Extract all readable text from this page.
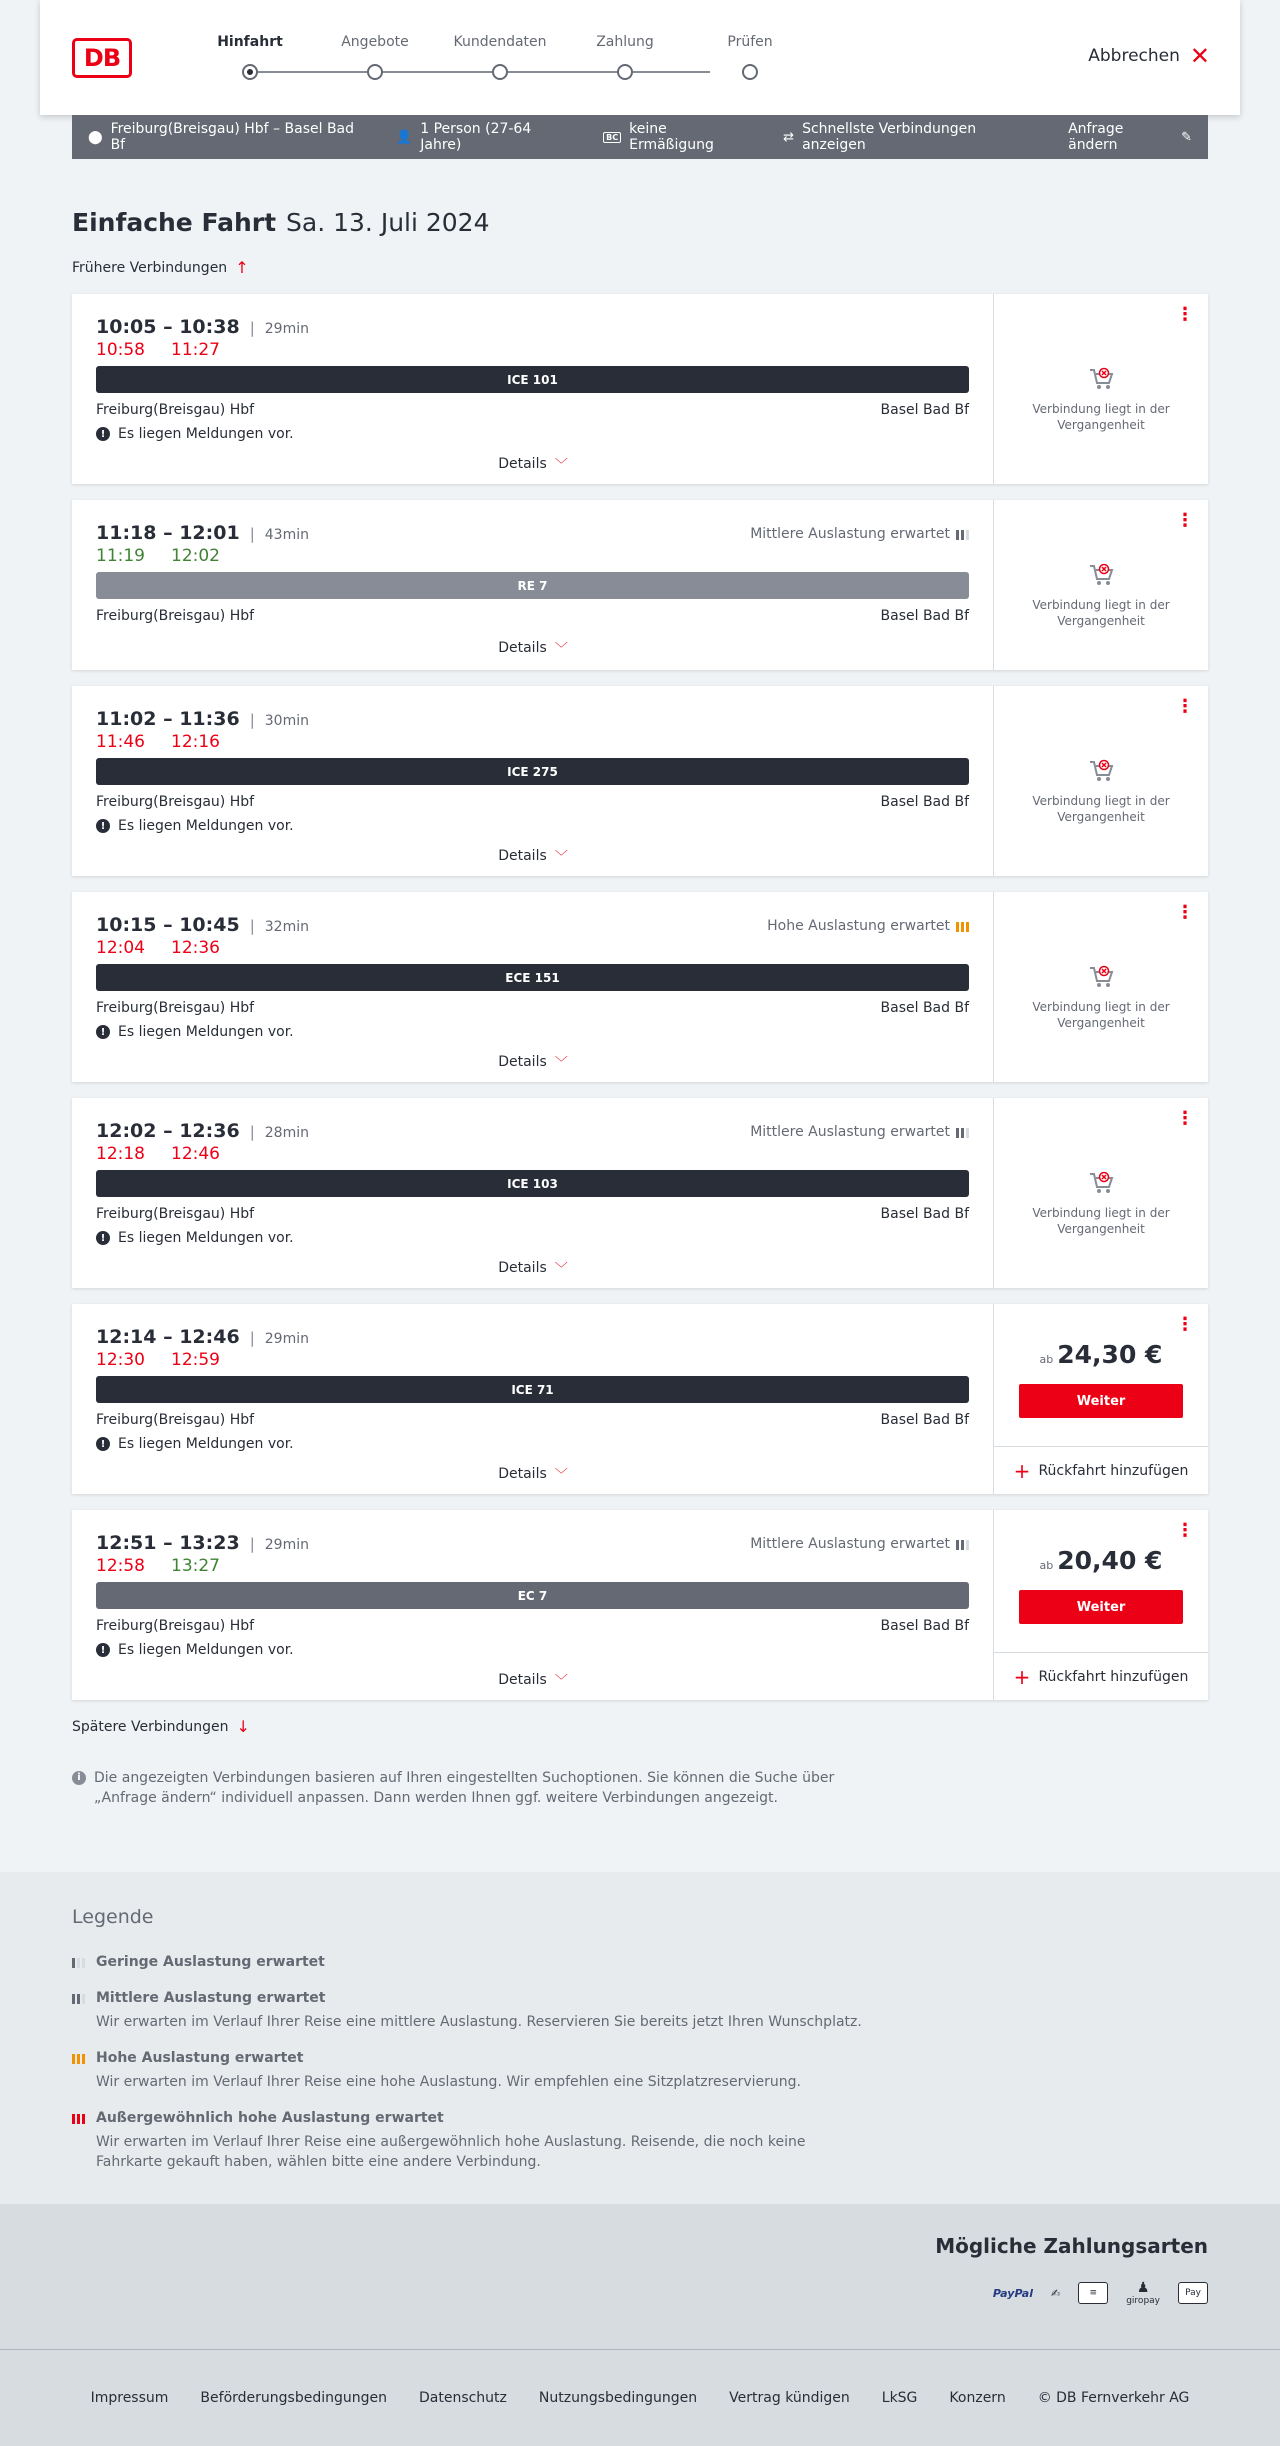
DB
Hinfahrt	Angebote	Kundendaten	Zahlung	Prüfen
Abbrechen ✕
⬤ Freiburg(Breisgau) Hbf – Basel Bad Bf	👤 1 Person (27-64 Jahre)	BC keine Ermäßigung	⇄ Schnellste Verbindungen anzeigen
Anfrage ändern	✎
Einfache Fahrt Sa. 13. Juli 2024
Frühere Verbindungen ↑
10:05 – 10:38 | 29min
10:58 11:27
ICE 101
Freiburg(Breisgau) Hbf	Basel Bad Bf
! Es liegen Meldungen vor.
Details ﹀
⋮
Verbindung liegt in der Vergangenheit
11:18 – 12:01 | 43min
11:19 12:02
Mittlere Auslastung erwartet
RE 7
Freiburg(Breisgau) Hbf	Basel Bad Bf
Details ﹀
⋮
Verbindung liegt in der Vergangenheit
11:02 – 11:36 | 30min
11:46 12:16
ICE 275
Freiburg(Breisgau) Hbf	Basel Bad Bf
! Es liegen Meldungen vor.
Details ﹀
⋮
Verbindung liegt in der Vergangenheit
10:15 – 10:45 | 32min
12:04 12:36
Hohe Auslastung erwartet
ECE 151
Freiburg(Breisgau) Hbf	Basel Bad Bf
! Es liegen Meldungen vor.
Details ﹀
⋮
Verbindung liegt in der Vergangenheit
12:02 – 12:36 | 28min
12:18 12:46
Mittlere Auslastung erwartet
ICE 103
Freiburg(Breisgau) Hbf	Basel Bad Bf
! Es liegen Meldungen vor.
Details ﹀
⋮
Verbindung liegt in der Vergangenheit
12:14 – 12:46 | 29min
12:30 12:59
ICE 71
Freiburg(Breisgau) Hbf	Basel Bad Bf
! Es liegen Meldungen vor.
Details ﹀
⋮
ab 24,30 €
Weiter
+ Rückfahrt hinzufügen
12:51 – 13:23 | 29min
12:58 13:27
Mittlere Auslastung erwartet
EC 7
Freiburg(Breisgau) Hbf	Basel Bad Bf
! Es liegen Meldungen vor.
Details ﹀
⋮
ab 20,40 €
Weiter
+ Rückfahrt hinzufügen
Spätere Verbindungen ↓
i Die angezeigten Verbindungen basieren auf Ihren eingestellten Suchoptionen. Sie können die Suche über „Anfrage ändern“ individuell anpassen. Dann werden Ihnen ggf. weitere Verbindungen angezeigt.
Legende
Geringe Auslastung erwartet
Mittlere Auslastung erwartet
Wir erwarten im Verlauf Ihrer Reise eine mittlere Auslastung. Reservieren Sie bereits jetzt Ihren Wunschplatz.
Hohe Auslastung erwartet
Wir erwarten im Verlauf Ihrer Reise eine hohe Auslastung. Wir empfehlen eine Sitzplatzreservierung.
Außergewöhnlich hohe Auslastung erwartet
Wir erwarten im Verlauf Ihrer Reise eine außergewöhnlich hohe Auslastung. Reisende, die noch keine Fahrkarte gekauft haben, wählen bitte eine andere Verbindung.
Mögliche Zahlungsarten
PayPal ✍	≡	♟
giropay
Pay
Impressum Beförderungsbedingungen Datenschutz Nutzungsbedingungen Vertrag kündigen LkSG Konzern © DB Fernverkehr AG
